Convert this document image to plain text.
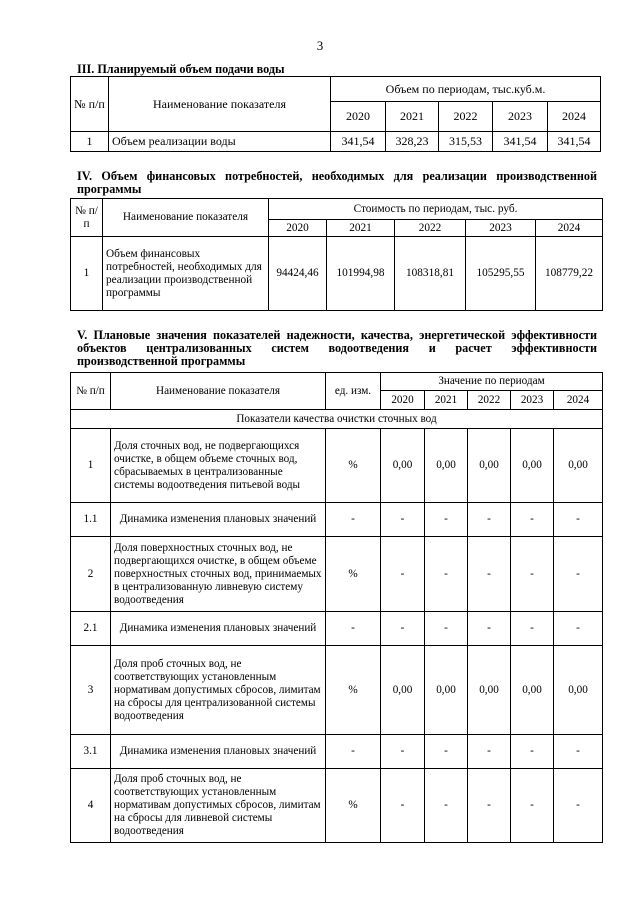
3

III. Планируемый объем подачи воды

№ п/п	Наименование показателя	Объем по периодам, тыс.куб.м.				
		2020	2021	2022	2023	2024
1	Объем реализации воды	341,54	328,23	315,53	341,54	341,54

IV. Объем финансовых потребностей, необходимых для реализации производственной программы

№ п/п	Наименование показателя	Стоимость по периодам, тыс. руб.				
		2020	2021	2022	2023	2024
1	Объем финансовых потребностей, необходимых для реализации производственной программы	94424,46	101994,98	108318,81	105295,55	108779,22

V. Плановые значения показателей надежности, качества, энергетической эффективности объектов централизованных систем водоотведения и расчет эффективности производственной программы

№ п/п	Наименование показателя	ед. изм.	Значение по периодам				
			2020	2021	2022	2023	2024
Показатели качества очистки сточных вод							
1	Доля сточных вод, не подвергающихся очистке, в общем объеме сточных вод, сбрасываемых в централизованные системы водоотведения питьевой воды	%	0,00	0,00	0,00	0,00	0,00
1.1	Динамика изменения плановых значений	-	-	-	-	-	-
2	Доля поверхностных сточных вод, не подвергающихся очистке, в общем объеме поверхностных сточных вод, принимаемых в централизованную ливневую систему водоотведения	%	-	-	-	-	-
2.1	Динамика изменения плановых значений	-	-	-	-	-	-
3	Доля проб сточных вод, не соответствующих установленным нормативам допустимых сбросов, лимитам на сбросы для централизованной системы водоотведения	%	0,00	0,00	0,00	0,00	0,00
3.1	Динамика изменения плановых значений	-	-	-	-	-	-
4	Доля проб сточных вод, не соответствующих установленным нормативам допустимых сбросов, лимитам на сбросы для ливневой системы водоотведения	%	-	-	-	-	-
